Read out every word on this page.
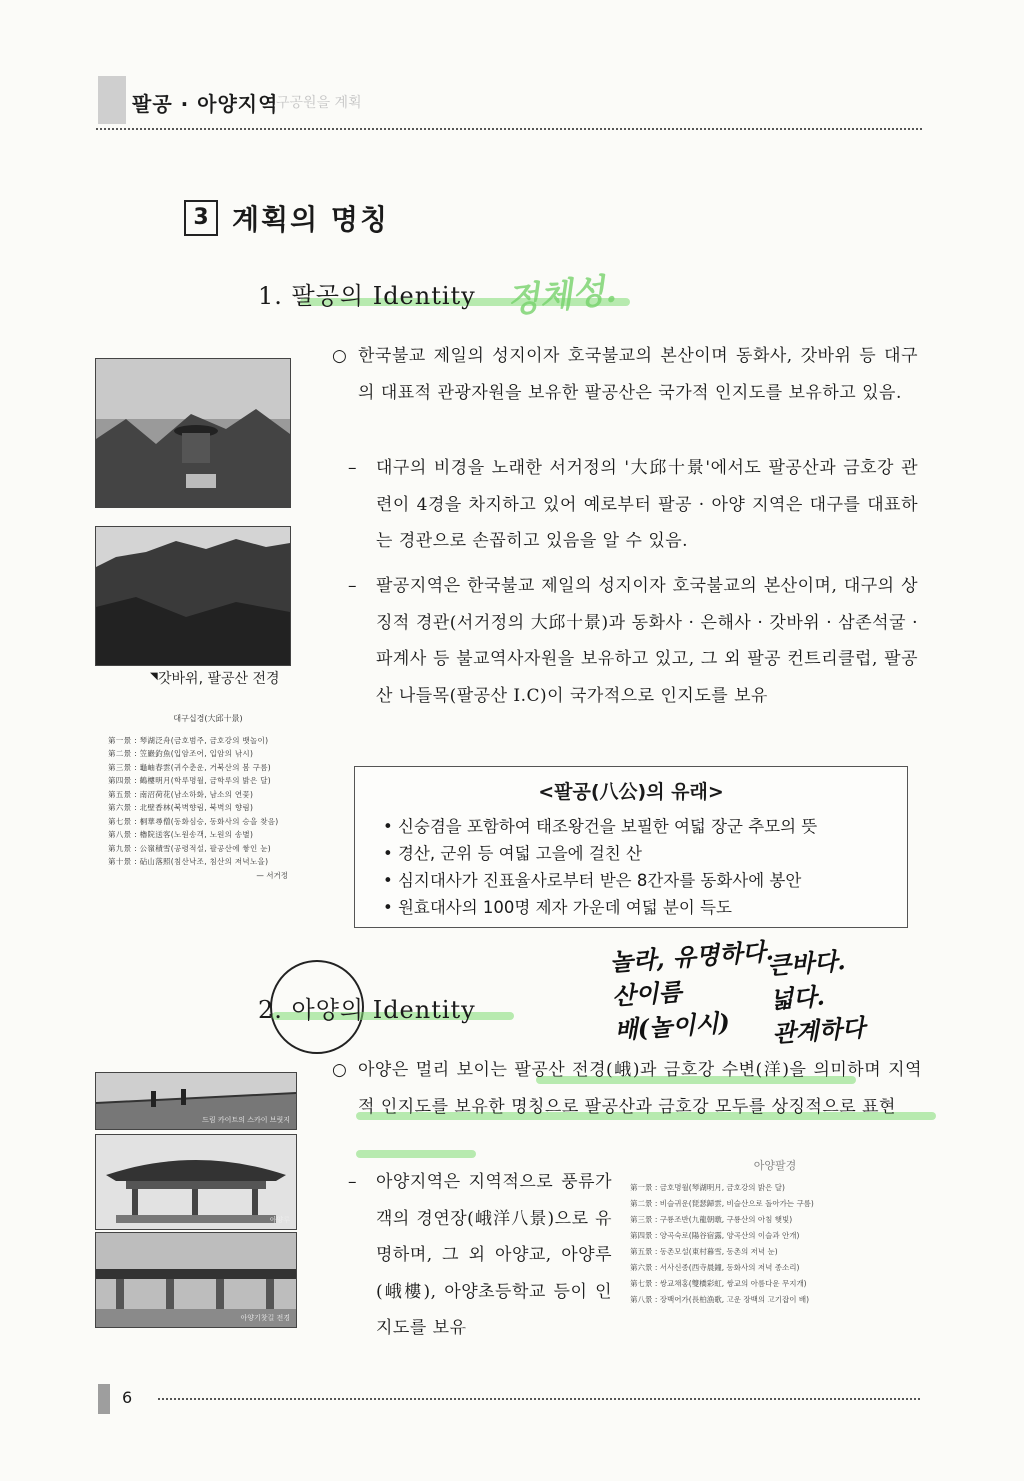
팔공 · 아양지역
구공원을 계획
3 계획의 명칭
1. 팔공의 Identity 정체성.
◥ 갓바위, 팔공산 전경
대구십경(大邱十景)
第一景 : 琴湖泛舟(금호범주, 금호강의 뱃놀이)
第二景 : 笠巖釣魚(입암조어, 입암의 낚시)
第三景 : 龜岫春雲(귀수춘운, 거북산의 봄 구름)
第四景 : 鶴樓明月(학루명월, 금학루의 밝은 달)
第五景 : 南沼荷花(남소하화, 남소의 연꽃)
第六景 : 北壁香林(북벽향림, 북벽의 향림)
第七景 : 桐華尋僧(동화심승, 동화사의 승을 찾음)
第八景 : 櫓院送客(노원송객, 노원의 송별)
第九景 : 公嶺積雪(공령적설, 팔공산에 쌓인 눈)
第十景 : 砧山落照(침산낙조, 침산의 저녁노을)
— 서거정
○ 한국불교 제일의 성지이자 호국불교의 본산이며 동화사, 갓바위 등 대구의 대표적 관광자원을 보유한 팔공산은 국가적 인지도를 보유하고 있음.
–	대구의 비경을 노래한 서거정의 '大邱十景'에서도 팔공산과 금호강 관련이 4경을 차지하고 있어 예로부터 팔공 · 아양 지역은 대구를 대표하는 경관으로 손꼽히고 있음을 알 수 있음.
–	팔공지역은 한국불교 제일의 성지이자 호국불교의 본산이며, 대구의 상징적 경관(서거정의 大邱十景)과 동화사 · 은해사 · 갓바위 · 삼존석굴 · 파계사 등 불교역사자원을 보유하고 있고, 그 외 팔공 컨트리클럽, 팔공산 나들목(팔공산 I.C)이 국가적으로 인지도를 보유
<팔공(八公)의 유래>
• 신숭겸을 포함하여 태조왕건을 보필한 여덟 장군 추모의 뜻
• 경산, 군위 등 여덟 고을에 걸친 산
• 심지대사가 진표율사로부터 받은 8간자를 동화사에 봉안
• 원효대사의 100명 제자 가운데 여덟 분이 득도
2. 아양의 Identity
놀라, 유명하다.
산이름
배(놀이시)
큰바다.
넓다.
관계하다
○ 아양은 멀리 보이는 팔공산 전경(峨)과 금호강 수변(洋)을 의미하며 지역적 인지도를 보유한 명칭으로 팔공산과 금호강 모두를 상징적으로 표현
–	아양지역은 지역적으로 풍류가객의 경연장(峨洋八景)으로 유명하며, 그 외 아양교, 아양루(峨樓), 아양초등학교 등이 인지도를 보유
드림 카이트의 스카이 브릿지
아양루
아양기찻길 전경
아양팔경
第一景 : 금호명월(琴湖明月, 금호강의 밝은 달)
第二景 : 비슬귀운(琵瑟歸雲, 비슬산으로 돌아가는 구름)
第三景 : 구룡조반(九龍朝暾, 구룡산의 아침 햇빛)
第四景 : 양곡숙로(陽谷宿露, 양곡산의 이슬과 안개)
第五景 : 동촌모설(東村暮雪, 동촌의 저녁 눈)
第六景 : 서사신종(西寺晨鐘, 동화사의 저녁 종소리)
第七景 : 쌍교채홍(雙橋彩虹, 쌍교의 아름다운 무지개)
第八景 : 장백어가(長柏漁歌, 고운 장백의 고기잡이 배)
6
